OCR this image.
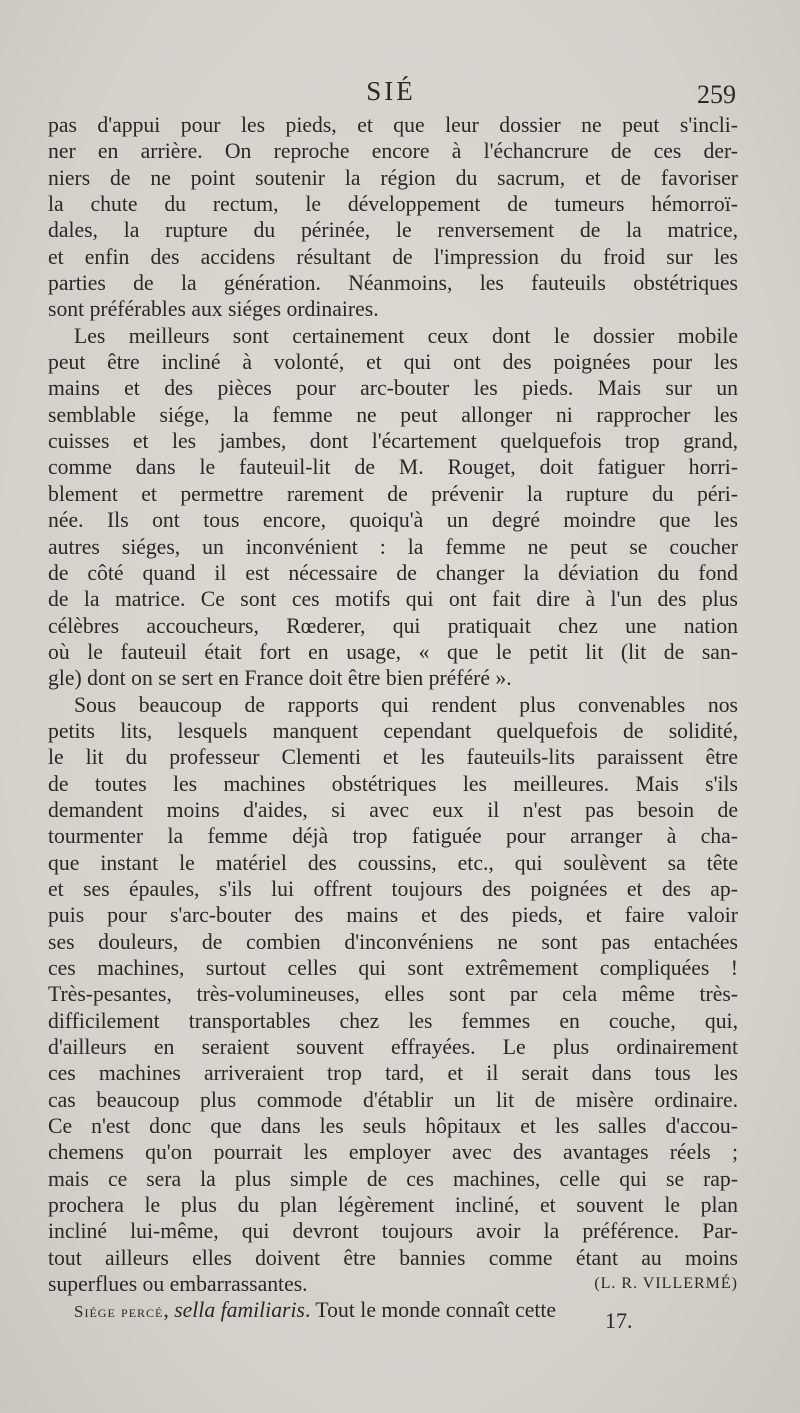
SIÉ	259
pas d'appui pour les pieds, et que leur dossier ne peut s'incli-
ner en arrière. On reproche encore à l'échancrure de ces der-
niers de ne point soutenir la région du sacrum, et de favoriser
la chute du rectum, le développement de tumeurs hémorroï-
dales, la rupture du périnée, le renversement de la matrice,
et enfin des accidens résultant de l'impression du froid sur les
parties de la génération. Néanmoins, les fauteuils obstétriques
sont préférables aux siéges ordinaires.
Les meilleurs sont certainement ceux dont le dossier mobile
peut être incliné à volonté, et qui ont des poignées pour les
mains et des pièces pour arc-bouter les pieds. Mais sur un
semblable siége, la femme ne peut allonger ni rapprocher les
cuisses et les jambes, dont l'écartement quelquefois trop grand,
comme dans le fauteuil-lit de M. Rouget, doit fatiguer horri-
blement et permettre rarement de prévenir la rupture du péri-
née. Ils ont tous encore, quoiqu'à un degré moindre que les
autres siéges, un inconvénient : la femme ne peut se coucher
de côté quand il est nécessaire de changer la déviation du fond
de la matrice. Ce sont ces motifs qui ont fait dire à l'un des plus
célèbres accoucheurs, Rœderer, qui pratiquait chez une nation
où le fauteuil était fort en usage, « que le petit lit (lit de san-
gle) dont on se sert en France doit être bien préféré ».
Sous beaucoup de rapports qui rendent plus convenables nos
petits lits, lesquels manquent cependant quelquefois de solidité,
le lit du professeur Clementi et les fauteuils-lits paraissent être
de toutes les machines obstétriques les meilleures. Mais s'ils
demandent moins d'aides, si avec eux il n'est pas besoin de
tourmenter la femme déjà trop fatiguée pour arranger à cha-
que instant le matériel des coussins, etc., qui soulèvent sa tête
et ses épaules, s'ils lui offrent toujours des poignées et des ap-
puis pour s'arc-bouter des mains et des pieds, et faire valoir
ses douleurs, de combien d'inconvéniens ne sont pas entachées
ces machines, surtout celles qui sont extrêmement compliquées !
Très-pesantes, très-volumineuses, elles sont par cela même très-
difficilement transportables chez les femmes en couche, qui,
d'ailleurs en seraient souvent effrayées. Le plus ordinairement
ces machines arriveraient trop tard, et il serait dans tous les
cas beaucoup plus commode d'établir un lit de misère ordinaire.
Ce n'est donc que dans les seuls hôpitaux et les salles d'accou-
chemens qu'on pourrait les employer avec des avantages réels ;
mais ce sera la plus simple de ces machines, celle qui se rap-
prochera le plus du plan légèrement incliné, et souvent le plan
incliné lui-même, qui devront toujours avoir la préférence. Par-
tout ailleurs elles doivent être bannies comme étant au moins
superflues ou embarrassantes.	(L. R. VILLERMÉ)
Siége percé, sella familiaris. Tout le monde connaît cette	17.
